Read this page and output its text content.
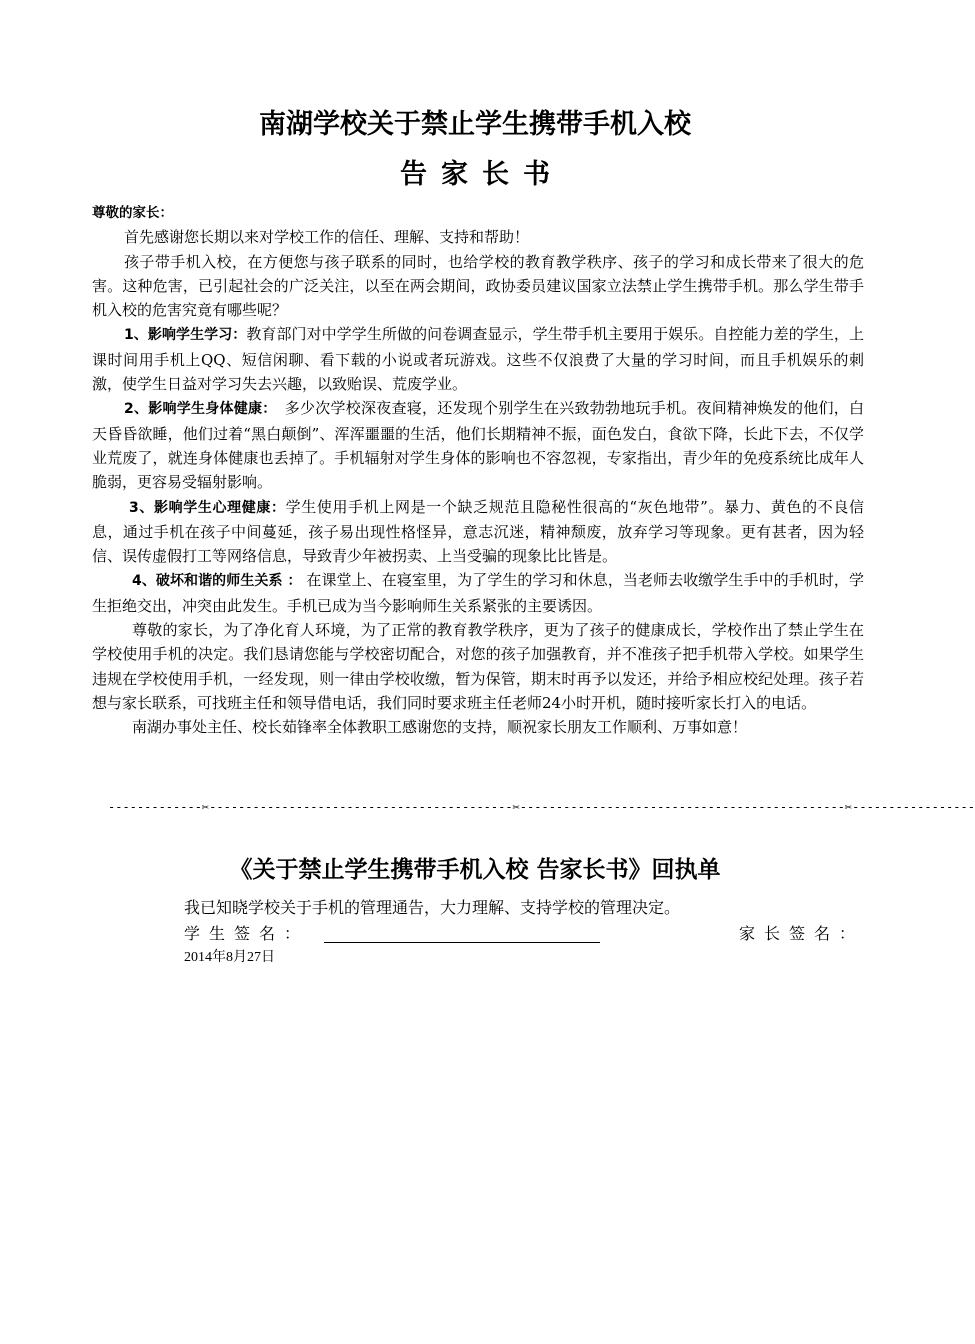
南湖学校关于禁止学生携带手机入校
告家长书

尊敬的家长：

首先感谢您长期以来对学校工作的信任、理解、支持和帮助！

孩子带手机入校，在方便您与孩子联系的同时，也给学校的教育教学秩序、孩子的学习和成长带来了很大的危害。这种危害，已引起社会的广泛关注，以至在两会期间，政协委员建议国家立法禁止学生携带手机。那么学生带手机入校的危害究竟有哪些呢？

1、影响学生学习：教育部门对中学学生所做的问卷调查显示，学生带手机主要用于娱乐。自控能力差的学生，上课时间用手机上QQ、短信闲聊、看下载的小说或者玩游戏。这些不仅浪费了大量的学习时间，而且手机娱乐的刺激，使学生日益对学习失去兴趣，以致贻误、荒废学业。

2、影响学生身体健康：　多少次学校深夜查寝，还发现个别学生在兴致勃勃地玩手机。夜间精神焕发的他们，白天昏昏欲睡，他们过着“黑白颠倒”、浑浑噩噩的生活，他们长期精神不振，面色发白，食欲下降，长此下去，不仅学业荒废了，就连身体健康也丢掉了。手机辐射对学生身体的影响也不容忽视，专家指出，青少年的免疫系统比成年人脆弱，更容易受辐射影响。

3、影响学生心理健康：学生使用手机上网是一个缺乏规范且隐秘性很高的“灰色地带”。暴力、黄色的不良信息，通过手机在孩子中间蔓延，孩子易出现性格怪异，意志沉迷，精神颓废，放弃学习等现象。更有甚者，因为轻信、误传虚假打工等网络信息，导致青少年被拐卖、上当受骗的现象比比皆是。

4、破坏和谐的师生关系 ： 在课堂上、在寝室里，为了学生的学习和休息，当老师去收缴学生手中的手机时，学生拒绝交出，冲突由此发生。手机已成为当今影响师生关系紧张的主要诱因。

尊敬的家长，为了净化育人环境，为了正常的教育教学秩序，更为了孩子的健康成长，学校作出了禁止学生在学校使用手机的决定。我们恳请您能与学校密切配合，对您的孩子加强教育，并不准孩子把手机带入学校。如果学生违规在学校使用手机，一经发现，则一律由学校收缴，暂为保管，期末时再予以发还，并给予相应校纪处理。孩子若想与家长联系，可找班主任和领导借电话，我们同时要求班主任老师24小时开机，随时接听家长打入的电话。

南湖办事处主任、校长茹锋率全体教职工感谢您的支持，顺祝家长朋友工作顺利、万事如意！

-------------✂------------------------------------------✂---------------------------------------------✂-----------------
《关于禁止学生携带手机入校 告家长书》回执单
我已知晓学校关于手机的管理通告，大力理解、支持学校的管理决定。
学生签名：	家长签名：
2014年8月27日
